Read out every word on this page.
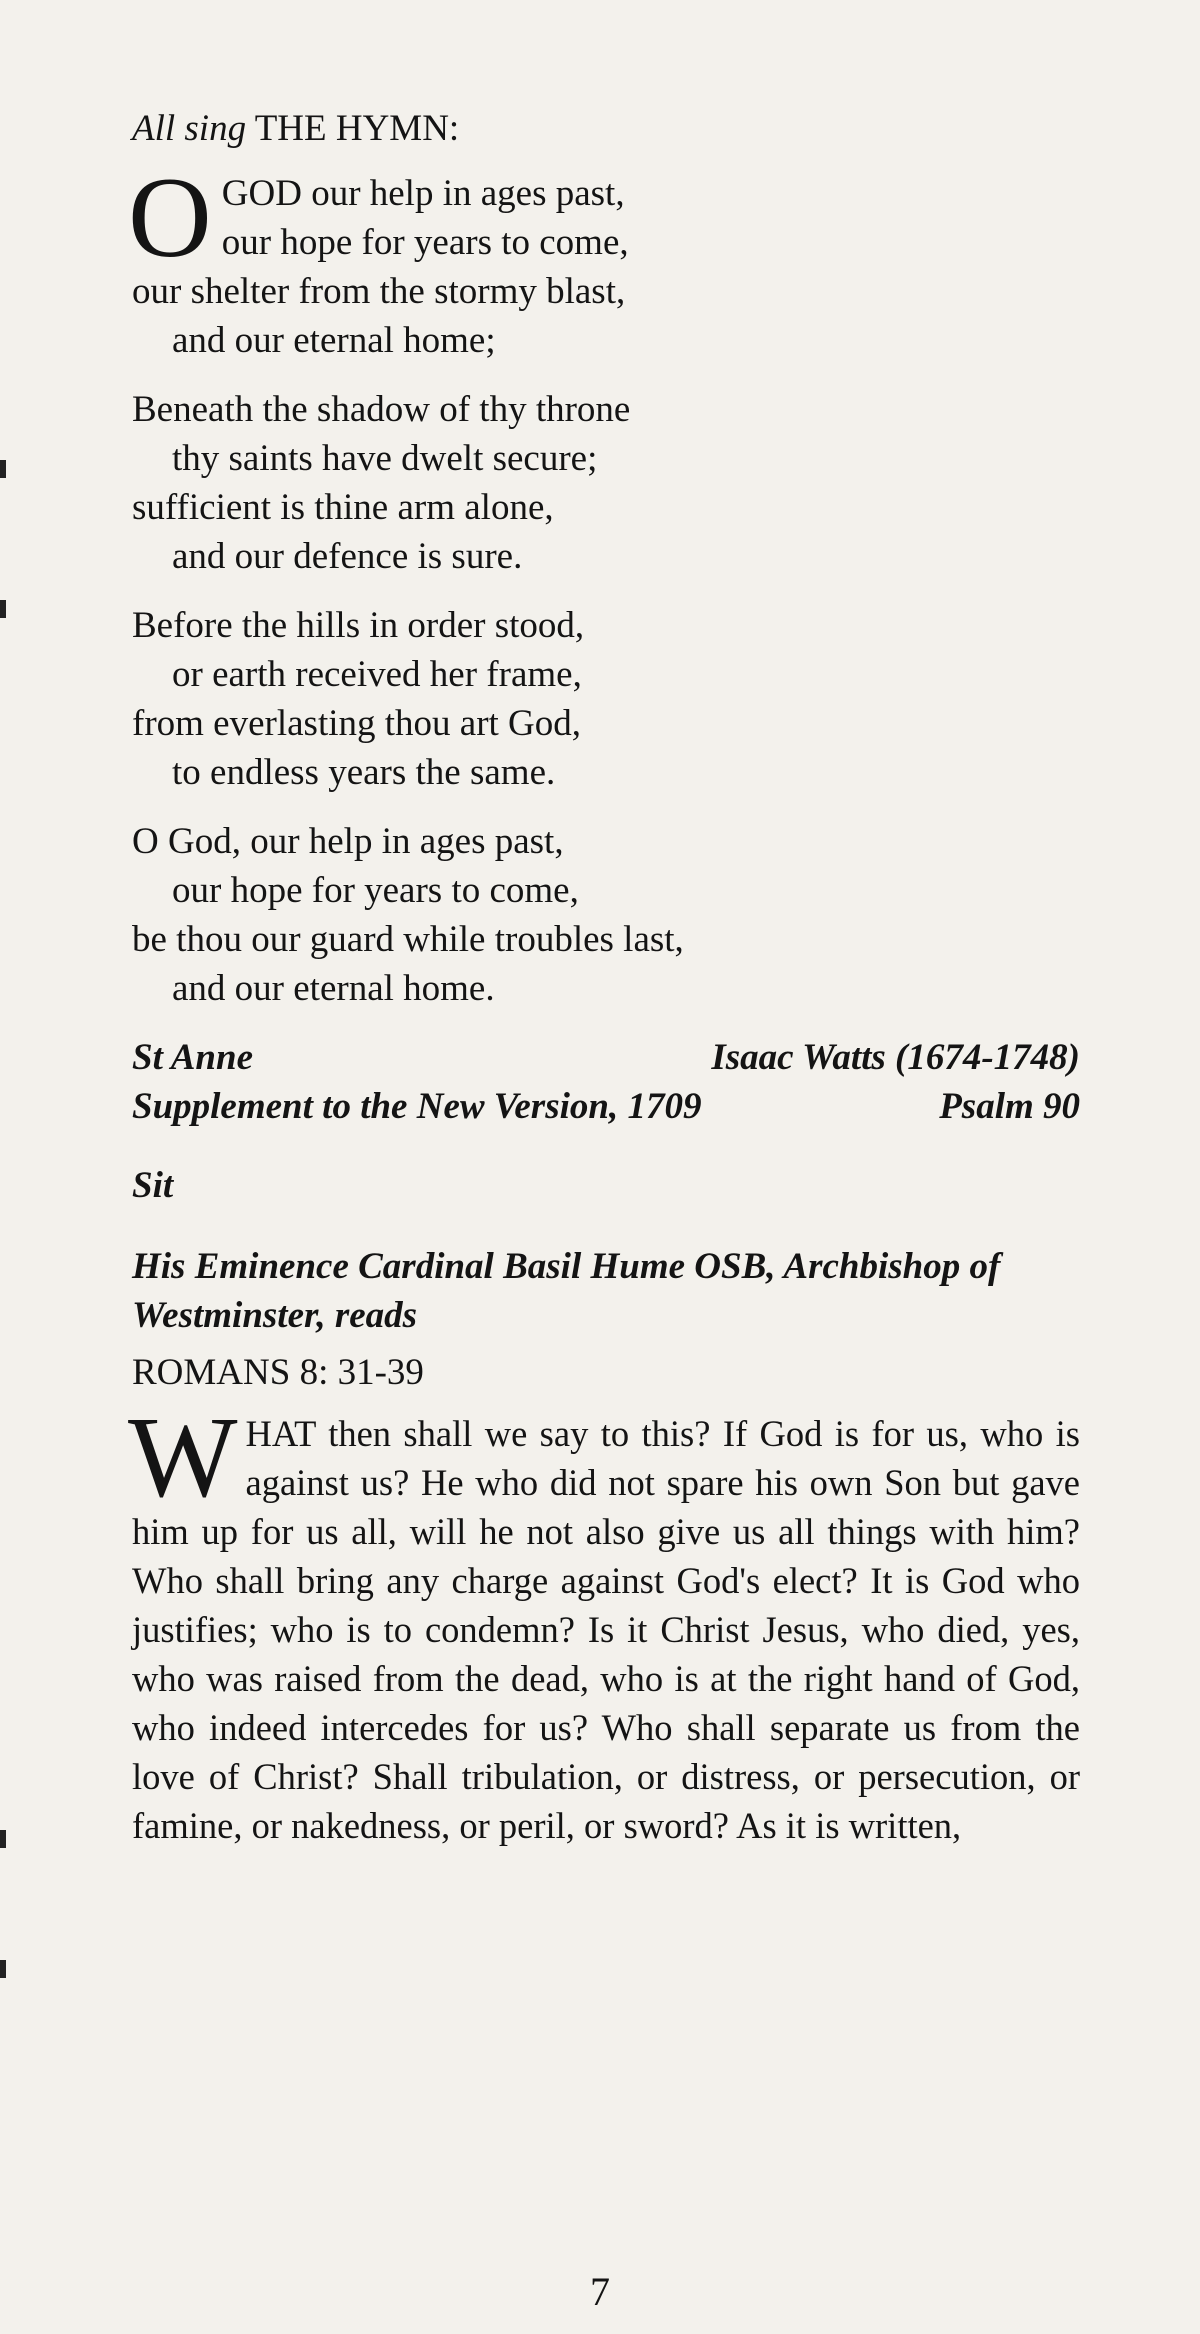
All sing THE HYMN:
O GOD our help in ages past,
our hope for years to come,
our shelter from the stormy blast,
and our eternal home;
Beneath the shadow of thy throne
thy saints have dwelt secure;
sufficient is thine arm alone,
and our defence is sure.
Before the hills in order stood,
or earth received her frame,
from everlasting thou art God,
to endless years the same.
O God, our help in ages past,
our hope for years to come,
be thou our guard while troubles last,
and our eternal home.
St Anne	Isaac Watts (1674-1748)
Supplement to the New Version, 1709	Psalm 90
Sit
His Eminence Cardinal Basil Hume OSB, Archbishop of Westminster, reads
ROMANS 8: 31-39
W HAT then shall we say to this? If God is for us, who is against us? He who did not spare his own Son but gave him up for us all, will he not also give us all things with him? Who shall bring any charge against God's elect? It is God who justifies; who is to condemn? Is it Christ Jesus, who died, yes, who was raised from the dead, who is at the right hand of God, who indeed intercedes for us? Who shall separate us from the love of Christ? Shall tribulation, or distress, or persecution, or famine, or nakedness, or peril, or sword? As it is written,
7
